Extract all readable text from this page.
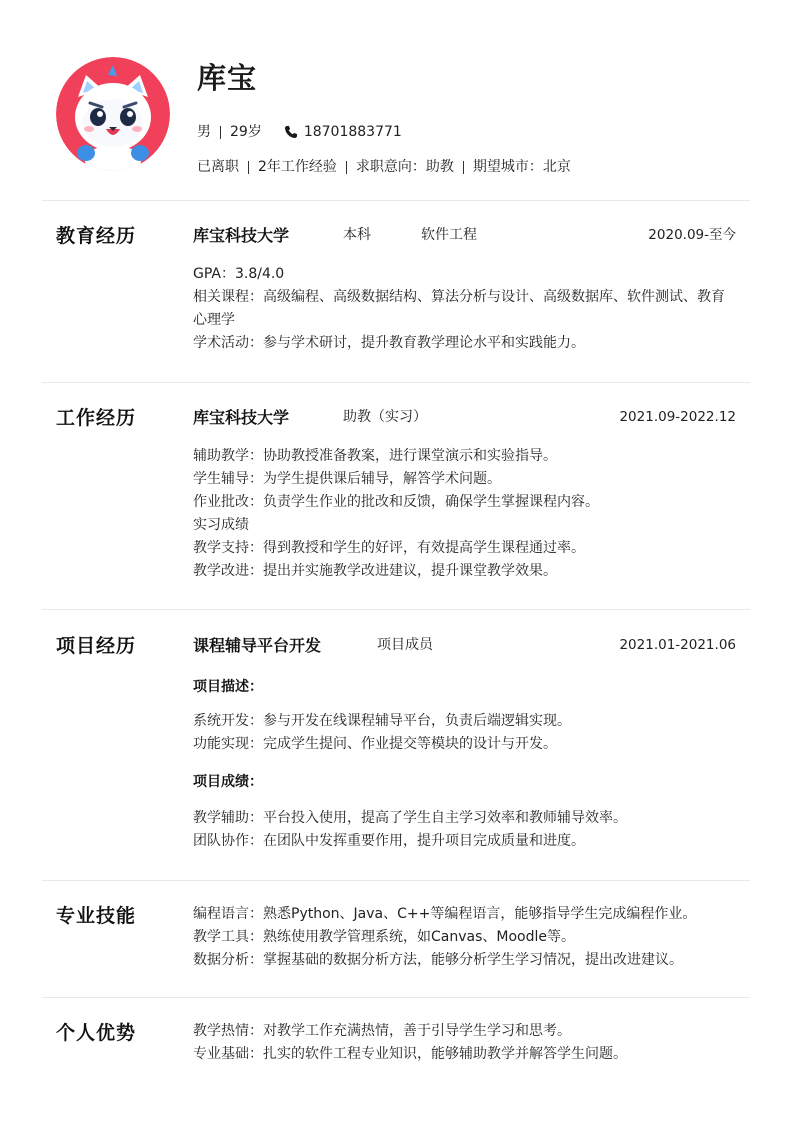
库宝
男 29岁	18701883771
已离职 2年工作经验 求职意向：助教 期望城市：北京
教育经历	库宝科技大学	本科	软件工程	2020.09-至今
GPA：3.8/4.0
相关课程：高级编程、高级数据结构、算法分析与设计、高级数据库、软件测试、教育心理学
学术活动：参与学术研讨，提升教育教学理论水平和实践能力。
工作经历	库宝科技大学	助教（实习）	2021.09-2022.12
辅助教学：协助教授准备教案，进行课堂演示和实验指导。
学生辅导：为学生提供课后辅导，解答学术问题。
作业批改：负责学生作业的批改和反馈，确保学生掌握课程内容。
实习成绩
教学支持：得到教授和学生的好评，有效提高学生课程通过率。
教学改进：提出并实施教学改进建议，提升课堂教学效果。
项目经历	课程辅导平台开发	项目成员	2021.01-2021.06
项目描述：
系统开发：参与开发在线课程辅导平台，负责后端逻辑实现。
功能实现：完成学生提问、作业提交等模块的设计与开发。
项目成绩：
教学辅助：平台投入使用，提高了学生自主学习效率和教师辅导效率。
团队协作：在团队中发挥重要作用，提升项目完成质量和进度。
专业技能	编程语言：熟悉Python、Java、C++等编程语言，能够指导学生完成编程作业。
教学工具：熟练使用教学管理系统，如Canvas、Moodle等。
数据分析：掌握基础的数据分析方法，能够分析学生学习情况，提出改进建议。
个人优势	教学热情：对教学工作充满热情，善于引导学生学习和思考。
专业基础：扎实的软件工程专业知识，能够辅助教学并解答学生问题。
